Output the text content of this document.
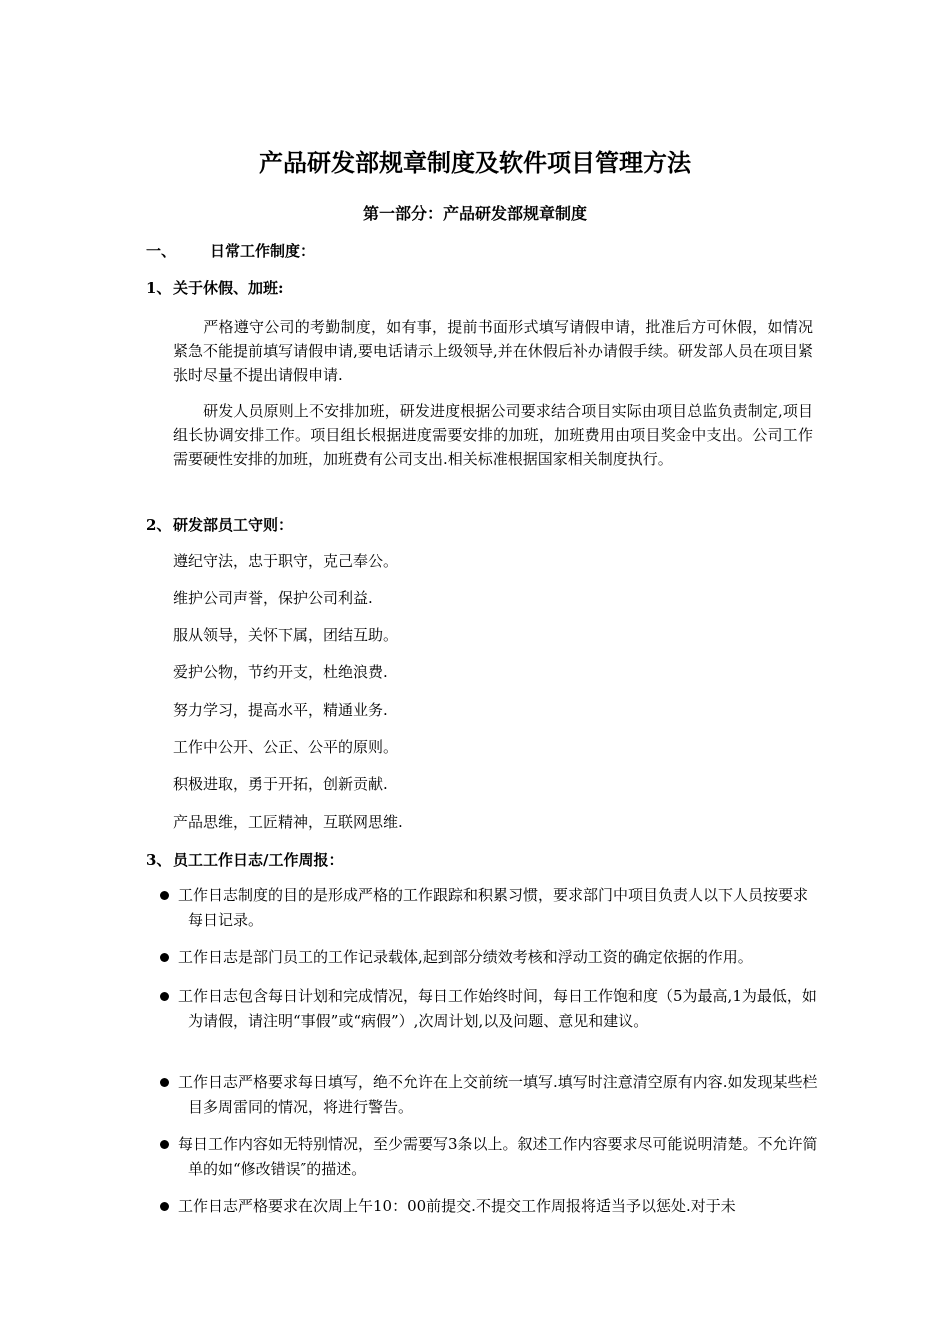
产品研发部规章制度及软件项目管理方法
第一部分：产品研发部规章制度
一、 日常工作制度：
1、 关于休假、加班:
严格遵守公司的考勤制度，如有事，提前书面形式填写请假申请，批准后方可休假，如情况紧急不能提前填写请假申请,要电话请示上级领导,并在休假后补办请假手续。研发部人员在项目紧张时尽量不提出请假申请.
研发人员原则上不安排加班，研发进度根据公司要求结合项目实际由项目总监负责制定,项目组长协调安排工作。项目组长根据进度需要安排的加班，加班费用由项目奖金中支出。公司工作需要硬性安排的加班，加班费有公司支出.相关标准根据国家相关制度执行。
2、 研发部员工守则：
遵纪守法，忠于职守，克己奉公。
维护公司声誉，保护公司利益.
服从领导，关怀下属，团结互助。
爱护公物，节约开支，杜绝浪费.
努力学习，提高水平，精通业务.
工作中公开、公正、公平的原则。
积极进取，勇于开拓，创新贡献.
产品思维，工匠精神，互联网思维.
3、 员工工作日志/工作周报：
工作日志制度的目的是形成严格的工作跟踪和积累习惯，要求部门中项目负责人以下人员按要求每日记录。
工作日志是部门员工的工作记录载体,起到部分绩效考核和浮动工资的确定依据的作用。
工作日志包含每日计划和完成情况，每日工作始终时间，每日工作饱和度（5为最高,1为最低，如为请假，请注明“事假”或“病假”）,次周计划,以及问题、意见和建议。
工作日志严格要求每日填写，绝不允许在上交前统一填写.填写时注意清空原有内容.如发现某些栏目多周雷同的情况，将进行警告。
每日工作内容如无特别情况，至少需要写3条以上。叙述工作内容要求尽可能说明清楚。不允许简单的如“修改错误″的描述。
工作日志严格要求在次周上午10：00前提交.不提交工作周报将适当予以惩处.对于未
